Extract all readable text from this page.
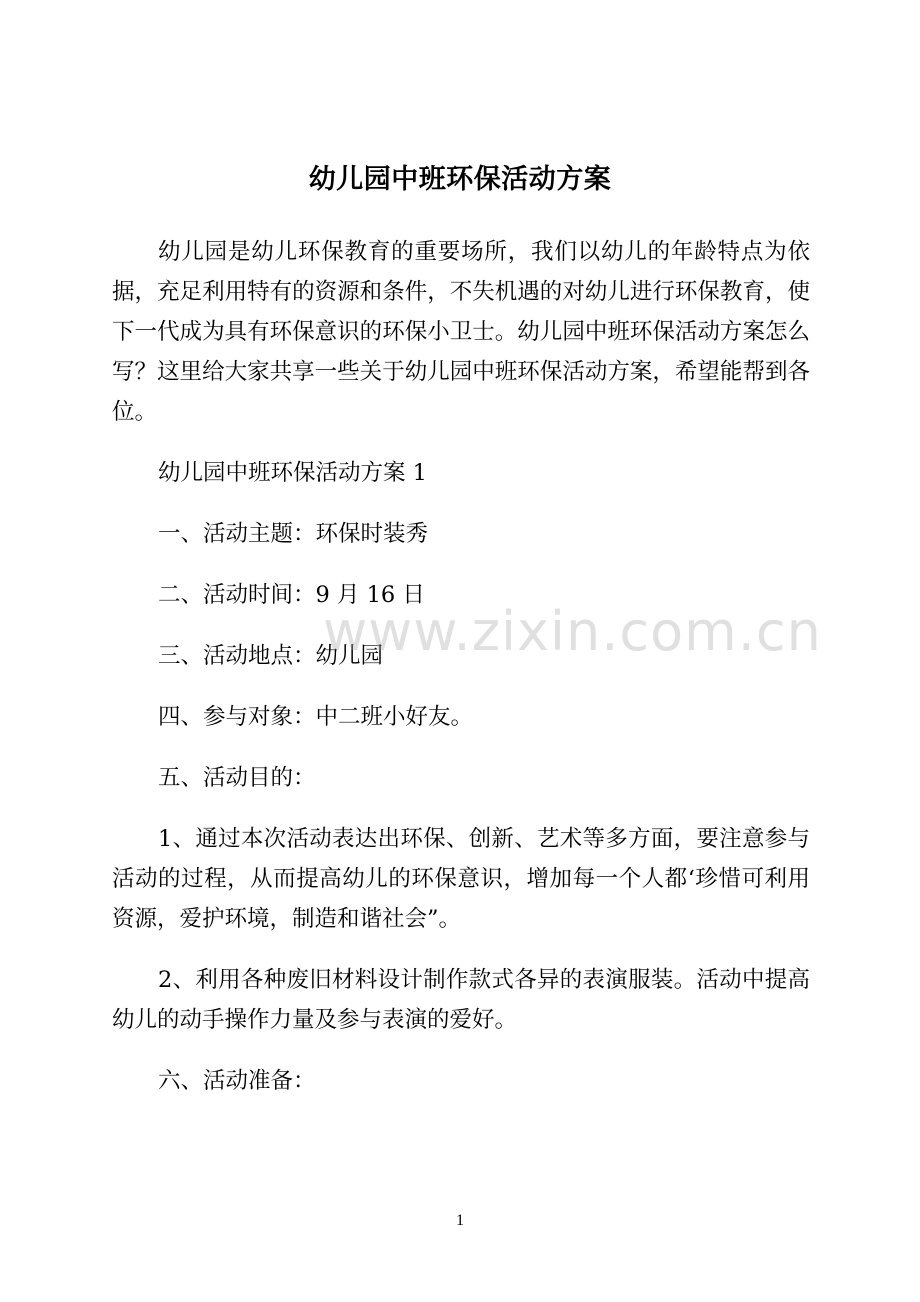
幼儿园中班环保活动方案

幼儿园是幼儿环保教育的重要场所，我们以幼儿的年龄特点为依据，充足利用特有的资源和条件，不失机遇的对幼儿进行环保教育，使下一代成为具有环保意识的环保小卫士。幼儿园中班环保活动方案怎么写？这里给大家共享一些关于幼儿园中班环保活动方案，希望能帮到各位。

幼儿园中班环保活动方案 1

一、活动主题：环保时装秀

二、活动时间：9 月 16 日

三、活动地点：幼儿园

四、参与对象：中二班小好友。

五、活动目的：

1、通过本次活动表达出环保、创新、艺术等多方面，要注意参与活动的过程，从而提高幼儿的环保意识，增加每一个人都‘珍惜可利用资源，爱护环境，制造和谐社会”。

2、利用各种废旧材料设计制作款式各异的表演服装。活动中提高幼儿的动手操作力量及参与表演的爱好。

六、活动准备：

www.zixin.com.cn
1
